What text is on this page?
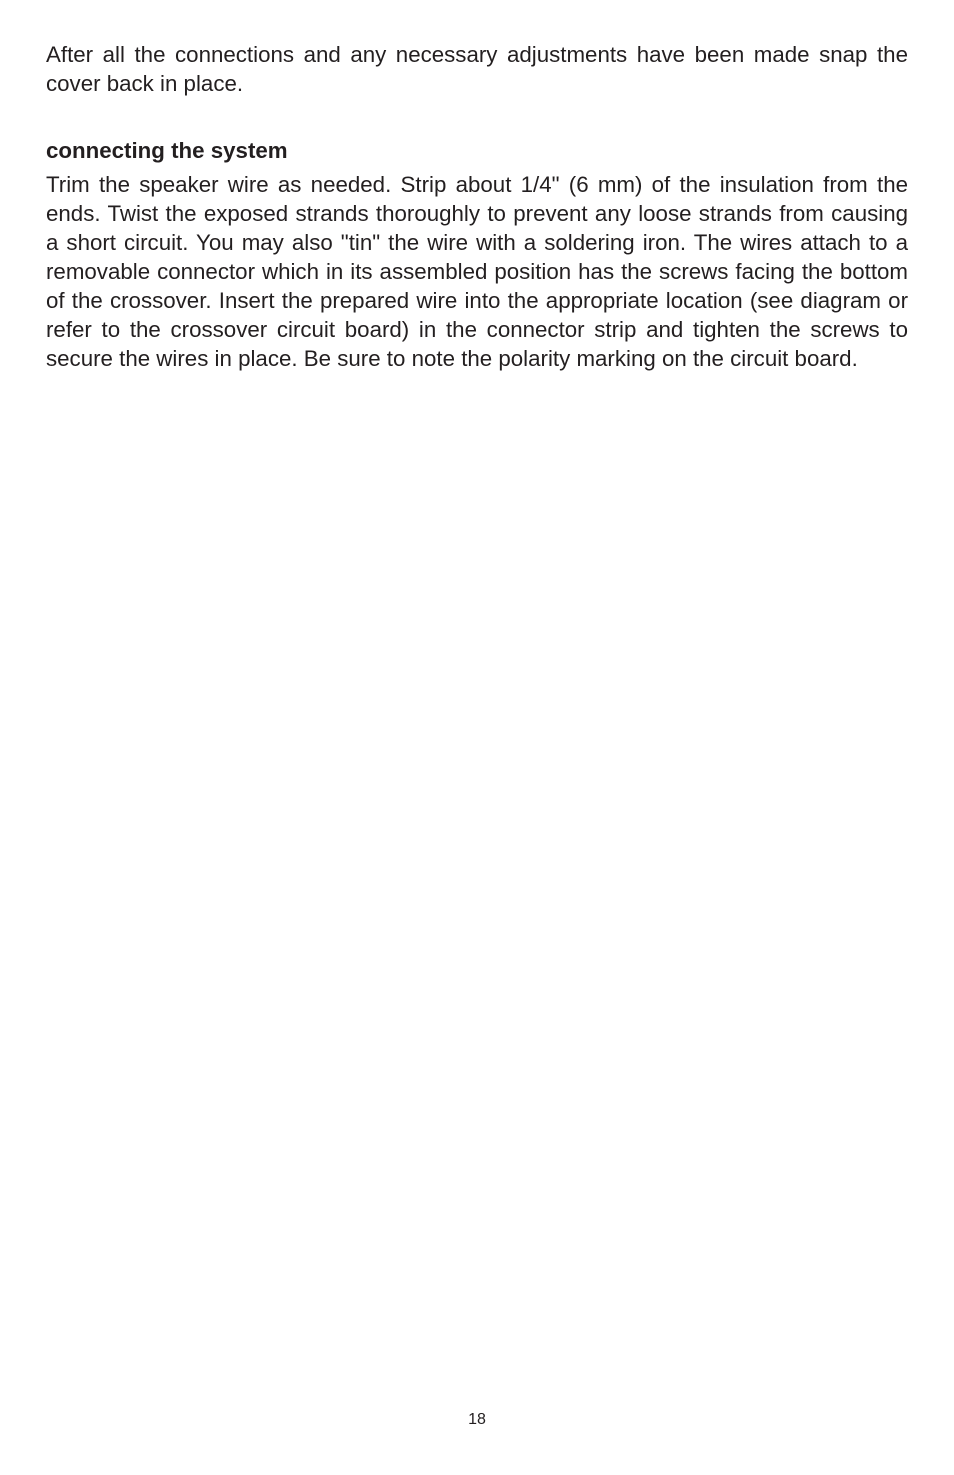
After all the connections and any necessary adjustments have been made snap the cover back in place.

connecting the system

Trim the speaker wire as needed. Strip about 1/4" (6 mm) of the insulation from the ends. Twist the exposed strands thoroughly to prevent any loose strands from causing a short circuit. You may also "tin" the wire with a soldering iron. The wires attach to a removable connector which in its assembled position has the screws facing the bottom of the crossover. Insert the prepared wire into the appropriate location (see diagram or refer to the crossover circuit board) in the connector strip and tighten the screws to secure the wires in place. Be sure to note the polarity marking on the circuit board.

18
